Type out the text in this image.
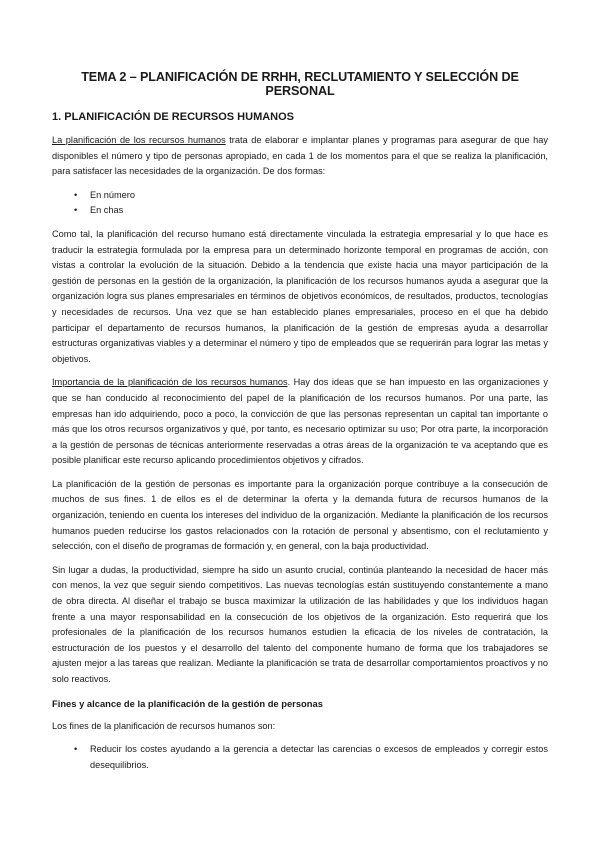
TEMA 2 – PLANIFICACIÓN DE RRHH, RECLUTAMIENTO Y SELECCIÓN DE PERSONAL
1. PLANIFICACIÓN DE RECURSOS HUMANOS

La planificación de los recursos humanos trata de elaborar e implantar planes y programas para asegurar de que hay disponibles el número y tipo de personas apropiado, en cada 1 de los momentos para el que se realiza la planificación, para satisfacer las necesidades de la organización. De dos formas:

• En número
• En chas

Como tal, la planificación del recurso humano está directamente vinculada la estrategia empresarial y lo que hace es traducir la estrategia formulada por la empresa para un determinado horizonte temporal en programas de acción, con vistas a controlar la evolución de la situación. Debido a la tendencia que existe hacia una mayor participación de la gestión de personas en la gestión de la organización, la planificación de los recursos humanos ayuda a asegurar que la organización logra sus planes empresariales en términos de objetivos económicos, de resultados, productos, tecnologías y necesidades de recursos. Una vez que se han establecido planes empresariales, proceso en el que ha debido participar el departamento de recursos humanos, la planificación de la gestión de empresas ayuda a desarrollar estructuras organizativas viables y a determinar el número y tipo de empleados que se requerirán para lograr las metas y objetivos.

Importancia de la planificación de los recursos humanos. Hay dos ideas que se han impuesto en las organizaciones y que se han conducido al reconocimiento del papel de la planificación de los recursos humanos. Por una parte, las empresas han ido adquiriendo, poco a poco, la convicción de que las personas representan un capital tan importante o más que los otros recursos organizativos y qué, por tanto, es necesario optimizar su uso; Por otra parte, la incorporación a la gestión de personas de técnicas anteriormente reservadas a otras áreas de la organización te va aceptando que es posible planificar este recurso aplicando procedimientos objetivos y cifrados.

La planificación de la gestión de personas es importante para la organización porque contribuye a la consecución de muchos de sus fines. 1 de ellos es el de determinar la oferta y la demanda futura de recursos humanos de la organización, teniendo en cuenta los intereses del individuo de la organización. Mediante la planificación de los recursos humanos pueden reducirse los gastos relacionados con la rotación de personal y absentismo, con el reclutamiento y selección, con el diseño de programas de formación y, en general, con la baja productividad.

Sin lugar a dudas, la productividad, siempre ha sido un asunto crucial, continúa planteando la necesidad de hacer más con menos, la vez que seguir siendo competitivos. Las nuevas tecnologías están sustituyendo constantemente a mano de obra directa. Al diseñar el trabajo se busca maximizar la utilización de las habilidades y que los individuos hagan frente a una mayor responsabilidad en la consecución de los objetivos de la organización. Esto requerirá que los profesionales de la planificación de los recursos humanos estudien la eficacia de los niveles de contratación, la estructuración de los puestos y el desarrollo del talento del componente humano de forma que los trabajadores se ajusten mejor a las tareas que realizan. Mediante la planificación se trata de desarrollar comportamientos proactivos y no solo reactivos.

Fines y alcance de la planificación de la gestión de personas

Los fines de la planificación de recursos humanos son:

• Reducir los costes ayudando a la gerencia a detectar las carencias o excesos de empleados y corregir estos desequilibrios.
